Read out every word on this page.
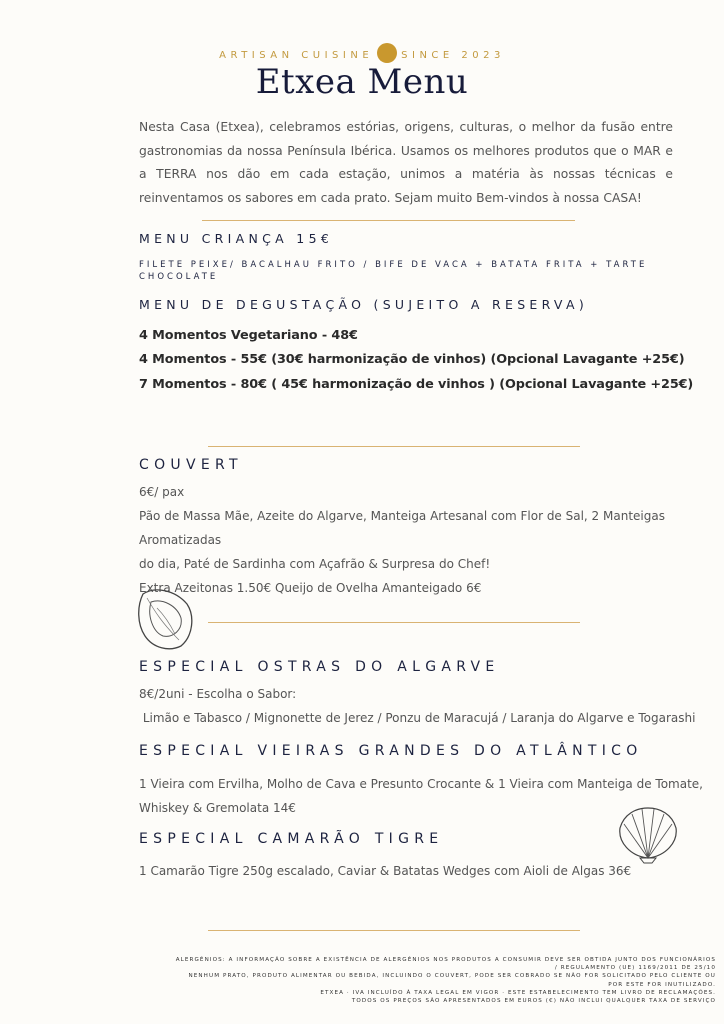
ARTISAN CUISINE	SINCE 2023
Etxea Menu
Nesta Casa (Etxea), celebramos estórias, origens, culturas, o melhor da fusão entre gastronomias da nossa Península Ibérica. Usamos os melhores produtos que o MAR e a TERRA nos dão em cada estação, unimos a matéria às nossas técnicas e reinventamos os sabores em cada prato. Sejam muito Bem-vindos à nossa CASA!
MENU CRIANÇA 15€
FILETE PEIXE/ BACALHAU FRITO / BIFE DE VACA + BATATA FRITA + TARTE CHOCOLATE
MENU DE DEGUSTAÇÃO (SUJEITO A RESERVA)
4 Momentos Vegetariano - 48€
4 Momentos - 55€ (30€ harmonização de vinhos) (Opcional Lavagante +25€)
7 Momentos - 80€ ( 45€ harmonização de vinhos ) (Opcional Lavagante +25€)
COUVERT
6€/ pax
Pão de Massa Mãe, Azeite do Algarve, Manteiga Artesanal com Flor de Sal, 2 Manteigas Aromatizadas
do dia, Paté de Sardinha com Açafrão & Surpresa do Chef!
Extra Azeitonas 1.50€ Queijo de Ovelha Amanteigado 6€
ESPECIAL OSTRAS DO ALGARVE
8€/2uni - Escolha o Sabor:
Limão e Tabasco / Mignonette de Jerez / Ponzu de Maracujá / Laranja do Algarve e Togarashi
ESPECIAL VIEIRAS GRANDES DO ATLÂNTICO
1 Vieira com Ervilha, Molho de Cava e Presunto Crocante & 1 Vieira com Manteiga de Tomate,
Whiskey & Gremolata 14€
ESPECIAL CAMARÃO TIGRE
1 Camarão Tigre 250g escalado, Caviar & Batatas Wedges com Aioli de Algas 36€
ALERGÉNIOS: A INFORMAÇÃO SOBRE A EXISTÊNCIA DE ALERGÉNIOS NOS PRODUTOS A CONSUMIR DEVE SER OBTIDA JUNTO DOS FUNCIONÁRIOS
/ REGULAMENTO (UE) 1169/2011 DE 25/10
NENHUM PRATO, PRODUTO ALIMENTAR OU BEBIDA, INCLUINDO O COUVERT, PODE SER COBRADO SE NÃO FOR SOLICITADO PELO CLIENTE OU
POR ESTE FOR INUTILIZADO.
ETXEA · IVA INCLUÍDO À TAXA LEGAL EM VIGOR · ESTE ESTABELECIMENTO TEM LIVRO DE RECLAMAÇÕES.
TODOS OS PREÇOS SÃO APRESENTADOS EM EUROS (€) NÃO INCLUI QUALQUER TAXA DE SERVIÇO
